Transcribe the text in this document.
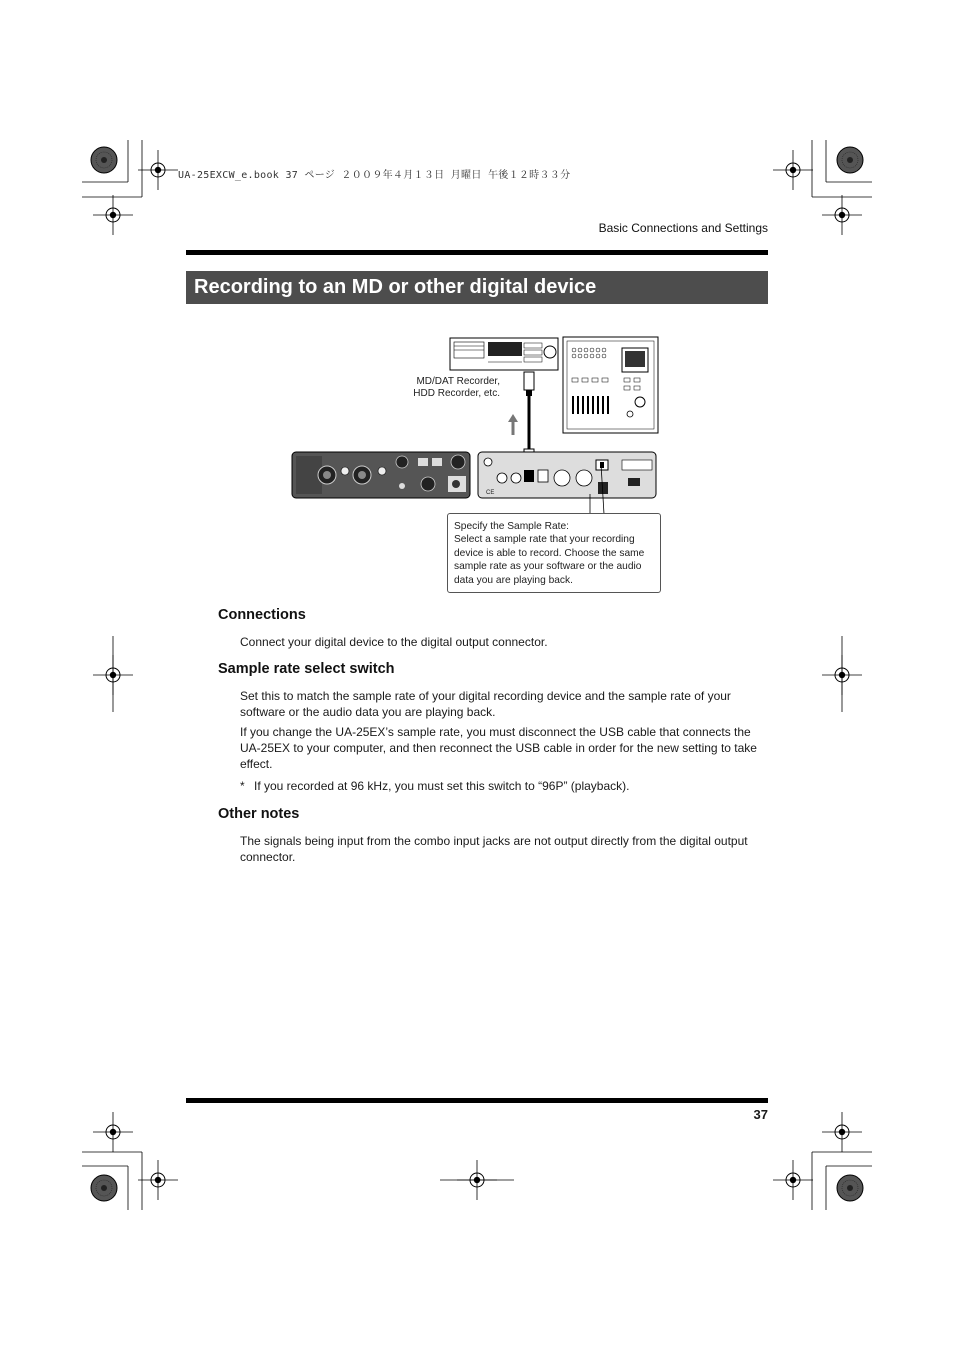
UA-25EXCW_e.book 37 ページ ２００９年４月１３日 月曜日 午後１２時３３分
Basic Connections and Settings
Recording to an MD or other digital device
CE
MD/DAT Recorder,
HDD Recorder, etc.
Specify the Sample Rate:
Select a sample rate that your recording device is able to record. Choose the same sample rate as your software or the audio data you are playing back.
Connections
Connect your digital device to the digital output connector.
Sample rate select switch
Set this to match the sample rate of your digital recording device and the sample rate of your software or the audio data you are playing back.
If you change the UA-25EX’s sample rate, you must disconnect the USB cable that connects the UA-25EX to your computer, and then reconnect the USB cable in order for the new setting to take effect.
* If you recorded at 96 kHz, you must set this switch to “96P” (playback).
Other notes
The signals being input from the combo input jacks are not output directly from the digital output connector.
37
